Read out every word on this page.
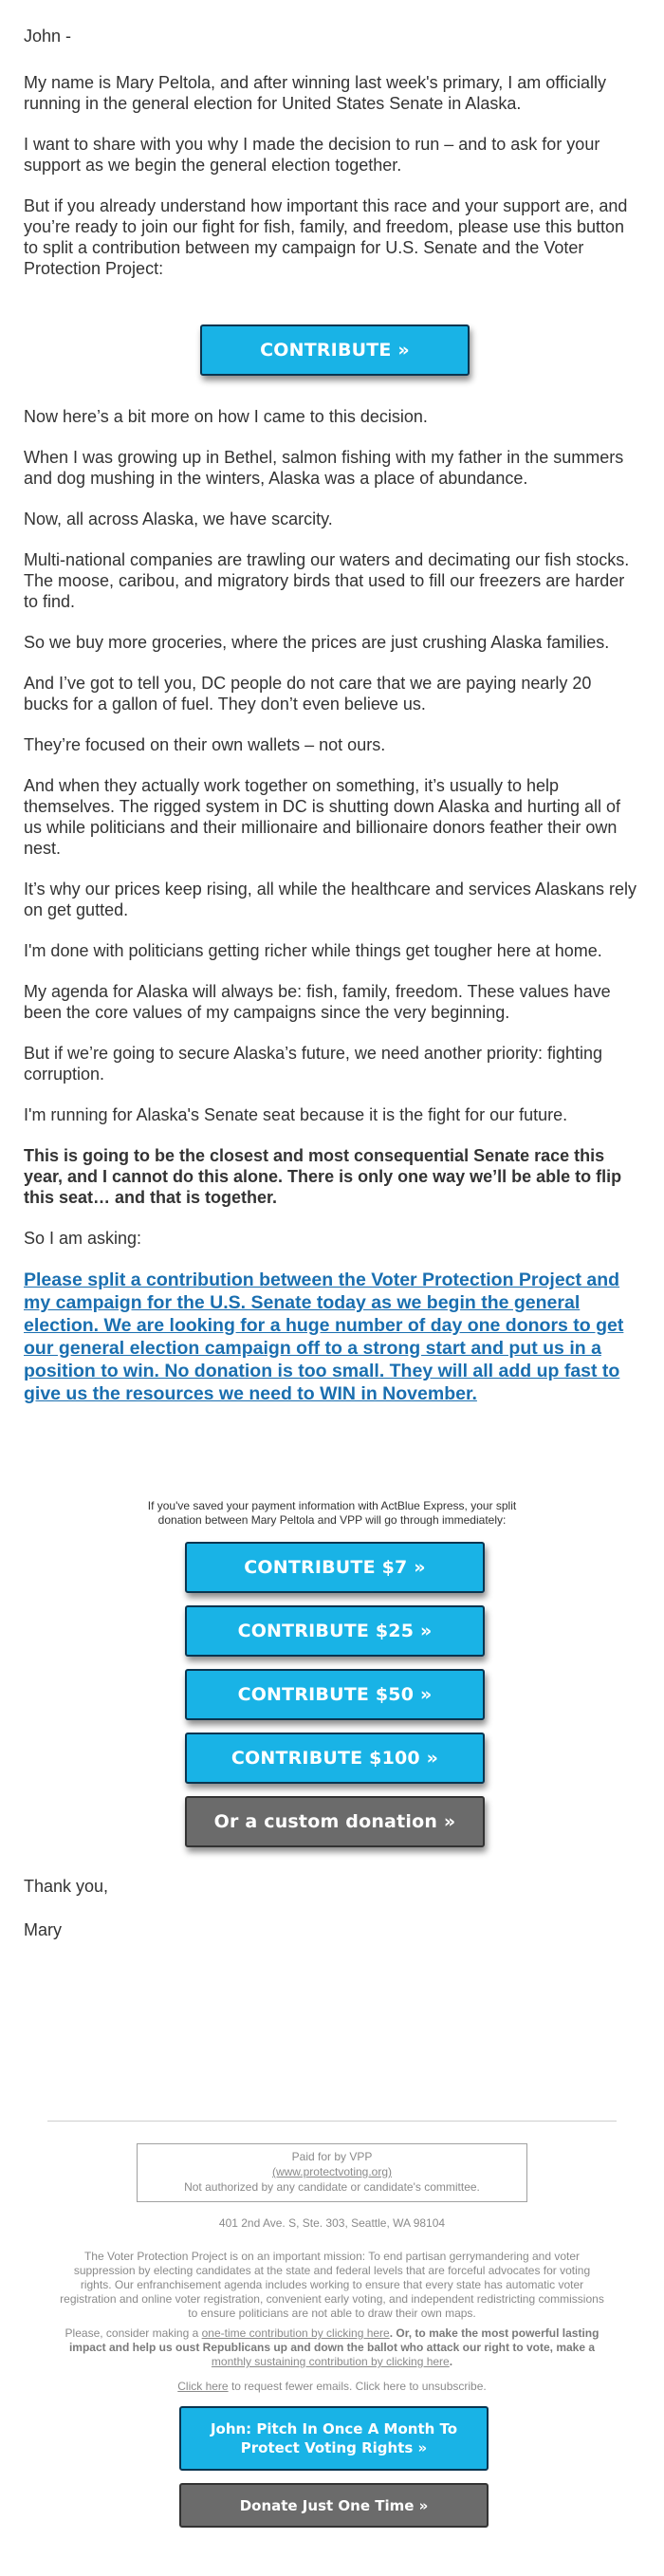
John -

My name is Mary Peltola, and after winning last week's primary, I am officially running in the general election for United States Senate in Alaska.

I want to share with you why I made the decision to run – and to ask for your support as we begin the general election together.

But if you already understand how important this race and your support are, and you’re ready to join our fight for fish, family, and freedom, please use this button to split a contribution between my campaign for U.S. Senate and the Voter Protection Project:

CONTRIBUTE »

Now here’s a bit more on how I came to this decision.

When I was growing up in Bethel, salmon fishing with my father in the summers and dog mushing in the winters, Alaska was a place of abundance.

Now, all across Alaska, we have scarcity.

Multi-national companies are trawling our waters and decimating our fish stocks. The moose, caribou, and migratory birds that used to fill our freezers are harder to find.

So we buy more groceries, where the prices are just crushing Alaska families.

And I’ve got to tell you, DC people do not care that we are paying nearly 20 bucks for a gallon of fuel. They don’t even believe us.

They’re focused on their own wallets – not ours.

And when they actually work together on something, it’s usually to help themselves. The rigged system in DC is shutting down Alaska and hurting all of us while politicians and their millionaire and billionaire donors feather their own nest.

It’s why our prices keep rising, all while the healthcare and services Alaskans rely on get gutted.

I'm done with politicians getting richer while things get tougher here at home.

My agenda for Alaska will always be: fish, family, freedom. These values have been the core values of my campaigns since the very beginning.

But if we’re going to secure Alaska’s future, we need another priority: fighting corruption.

I'm running for Alaska's Senate seat because it is the fight for our future.

This is going to be the closest and most consequential Senate race this year, and I cannot do this alone. There is only one way we’ll be able to flip this seat… and that is together.

So I am asking:

Please split a contribution between the Voter Protection Project and my campaign for the U.S. Senate today as we begin the general election. We are looking for a huge number of day one donors to get our general election campaign off to a strong start and put us in a position to win. No donation is too small. They will all add up fast to give us the resources we need to WIN in November.

If you've saved your payment information with ActBlue Express, your split donation between Mary Peltola and VPP will go through immediately:
CONTRIBUTE $7 »
CONTRIBUTE $25 »
CONTRIBUTE $50 »
CONTRIBUTE $100 »
Or a custom donation »
Thank you,
Mary
Paid for by VPP
(www.protectvoting.org)
Not authorized by any candidate or candidate's committee.
401 2nd Ave. S, Ste. 303, Seattle, WA 98104
The Voter Protection Project is on an important mission: To end partisan gerrymandering and voter suppression by electing candidates at the state and federal levels that are forceful advocates for voting rights. Our enfranchisement agenda includes working to ensure that every state has automatic voter registration and online voter registration, convenient early voting, and independent redistricting commissions to ensure politicians are not able to draw their own maps.
Please, consider making a one-time contribution by clicking here. Or, to make the most powerful lasting impact and help us oust Republicans up and down the ballot who attack our right to vote, make a monthly sustaining contribution by clicking here.
Click here to request fewer emails. Click here to unsubscribe.
John: Pitch In Once A Month To Protect Voting Rights »
Donate Just One Time »
